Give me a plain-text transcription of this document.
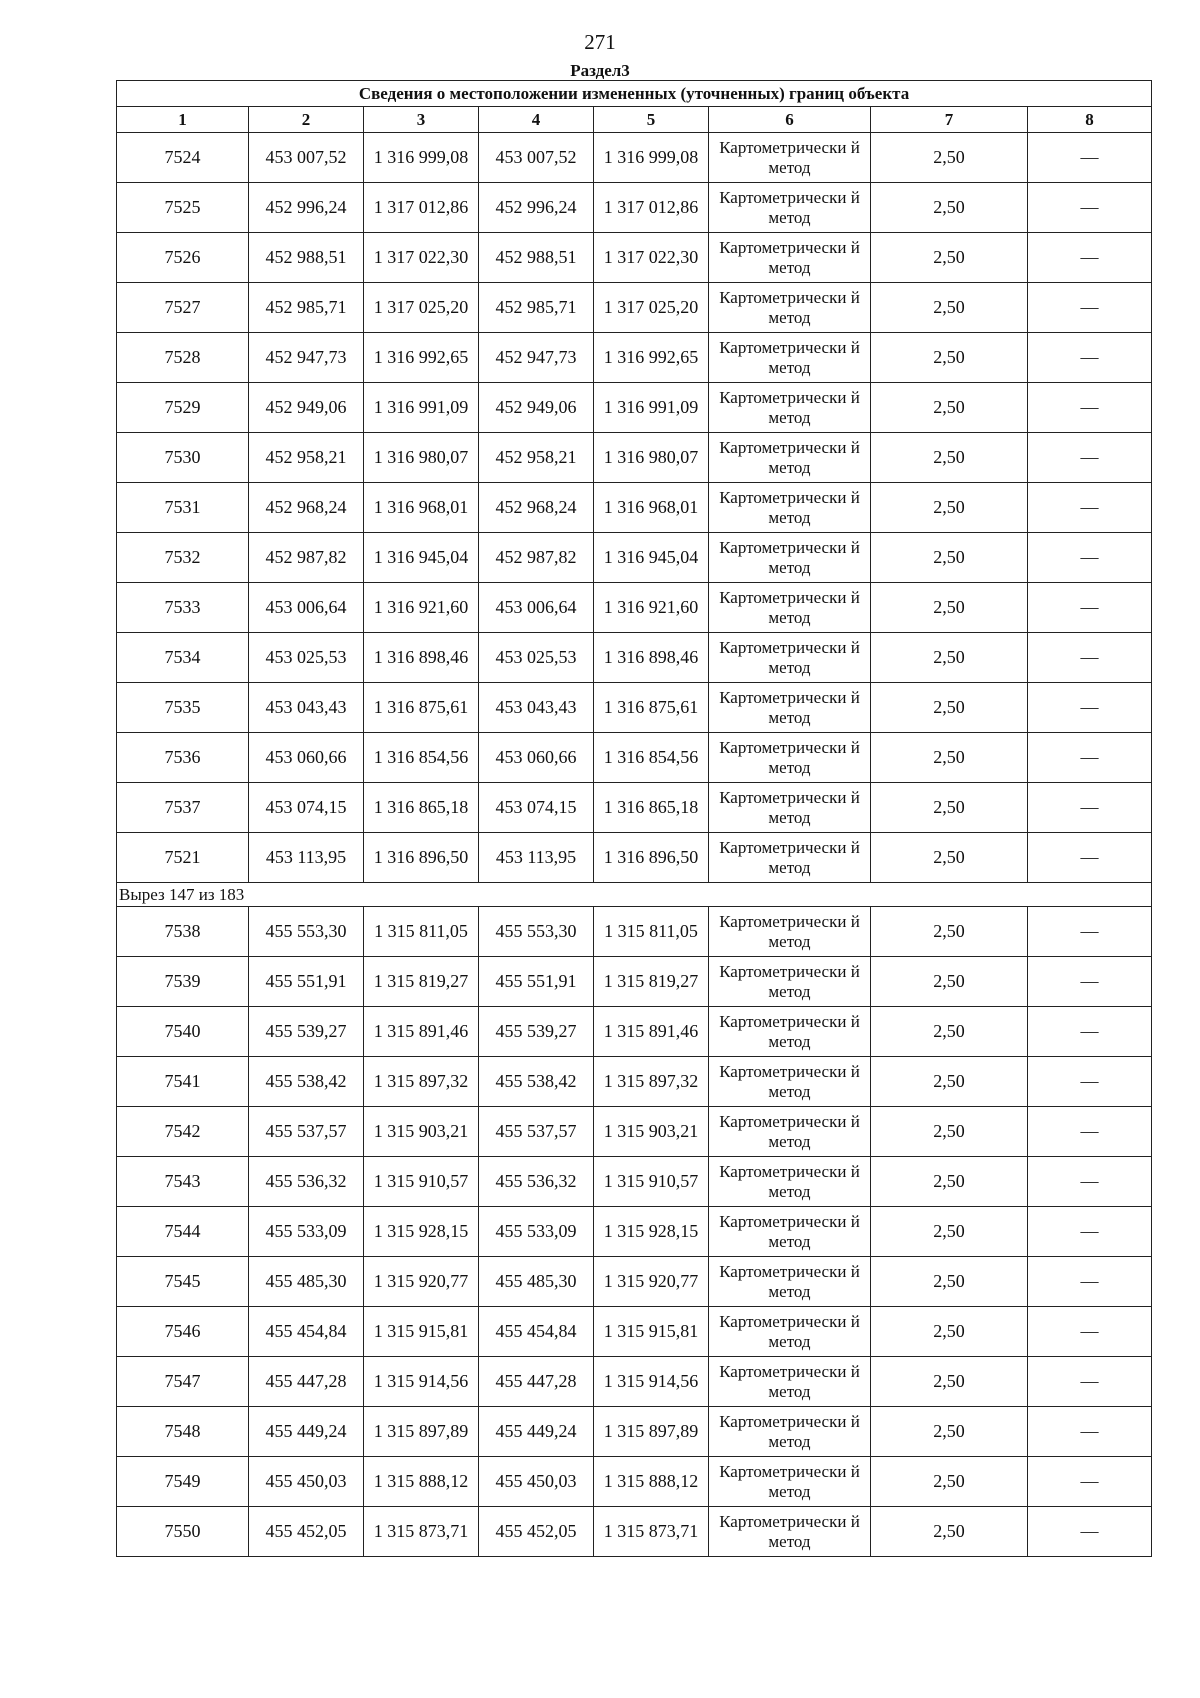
271
Раздел3
Сведения о местоположении измененных (уточненных) границ объекта							
1	2	3	4	5	6	7	8
7524	453 007,52	1 316 999,08	453 007,52	1 316 999,08	Картометрически й метод	2,50	—
7525	452 996,24	1 317 012,86	452 996,24	1 317 012,86	Картометрически й метод	2,50	—
7526	452 988,51	1 317 022,30	452 988,51	1 317 022,30	Картометрически й метод	2,50	—
7527	452 985,71	1 317 025,20	452 985,71	1 317 025,20	Картометрически й метод	2,50	—
7528	452 947,73	1 316 992,65	452 947,73	1 316 992,65	Картометрически й метод	2,50	—
7529	452 949,06	1 316 991,09	452 949,06	1 316 991,09	Картометрически й метод	2,50	—
7530	452 958,21	1 316 980,07	452 958,21	1 316 980,07	Картометрически й метод	2,50	—
7531	452 968,24	1 316 968,01	452 968,24	1 316 968,01	Картометрически й метод	2,50	—
7532	452 987,82	1 316 945,04	452 987,82	1 316 945,04	Картометрически й метод	2,50	—
7533	453 006,64	1 316 921,60	453 006,64	1 316 921,60	Картометрически й метод	2,50	—
7534	453 025,53	1 316 898,46	453 025,53	1 316 898,46	Картометрически й метод	2,50	—
7535	453 043,43	1 316 875,61	453 043,43	1 316 875,61	Картометрически й метод	2,50	—
7536	453 060,66	1 316 854,56	453 060,66	1 316 854,56	Картометрически й метод	2,50	—
7537	453 074,15	1 316 865,18	453 074,15	1 316 865,18	Картометрически й метод	2,50	—
7521	453 113,95	1 316 896,50	453 113,95	1 316 896,50	Картометрически й метод	2,50	—
Вырез 147 из 183							
7538	455 553,30	1 315 811,05	455 553,30	1 315 811,05	Картометрически й метод	2,50	—
7539	455 551,91	1 315 819,27	455 551,91	1 315 819,27	Картометрически й метод	2,50	—
7540	455 539,27	1 315 891,46	455 539,27	1 315 891,46	Картометрически й метод	2,50	—
7541	455 538,42	1 315 897,32	455 538,42	1 315 897,32	Картометрически й метод	2,50	—
7542	455 537,57	1 315 903,21	455 537,57	1 315 903,21	Картометрически й метод	2,50	—
7543	455 536,32	1 315 910,57	455 536,32	1 315 910,57	Картометрически й метод	2,50	—
7544	455 533,09	1 315 928,15	455 533,09	1 315 928,15	Картометрически й метод	2,50	—
7545	455 485,30	1 315 920,77	455 485,30	1 315 920,77	Картометрически й метод	2,50	—
7546	455 454,84	1 315 915,81	455 454,84	1 315 915,81	Картометрически й метод	2,50	—
7547	455 447,28	1 315 914,56	455 447,28	1 315 914,56	Картометрически й метод	2,50	—
7548	455 449,24	1 315 897,89	455 449,24	1 315 897,89	Картометрически й метод	2,50	—
7549	455 450,03	1 315 888,12	455 450,03	1 315 888,12	Картометрически й метод	2,50	—
7550	455 452,05	1 315 873,71	455 452,05	1 315 873,71	Картометрически й метод	2,50	—
